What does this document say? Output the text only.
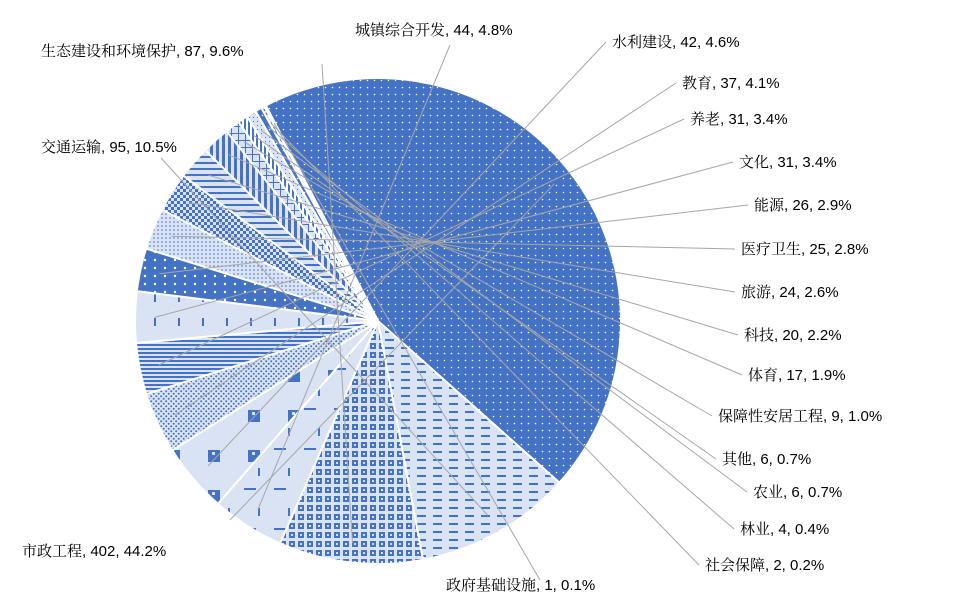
市政工程, 402, 44.2%
交通运输, 95, 10.5%
生态建设和环境保护, 87, 9.6%
城镇综合开发, 44, 4.8%
水利建设, 42, 4.6%
教育, 37, 4.1%
养老, 31, 3.4%
文化, 31, 3.4%
能源, 26, 2.9%
医疗卫生, 25, 2.8%
旅游, 24, 2.6%
科技, 20, 2.2%
体育, 17, 1.9%
保障性安居工程, 9, 1.0%
其他, 6, 0.7%
农业, 6, 0.7%
林业, 4, 0.4%
社会保障, 2, 0.2%
政府基础设施, 1, 0.1%
